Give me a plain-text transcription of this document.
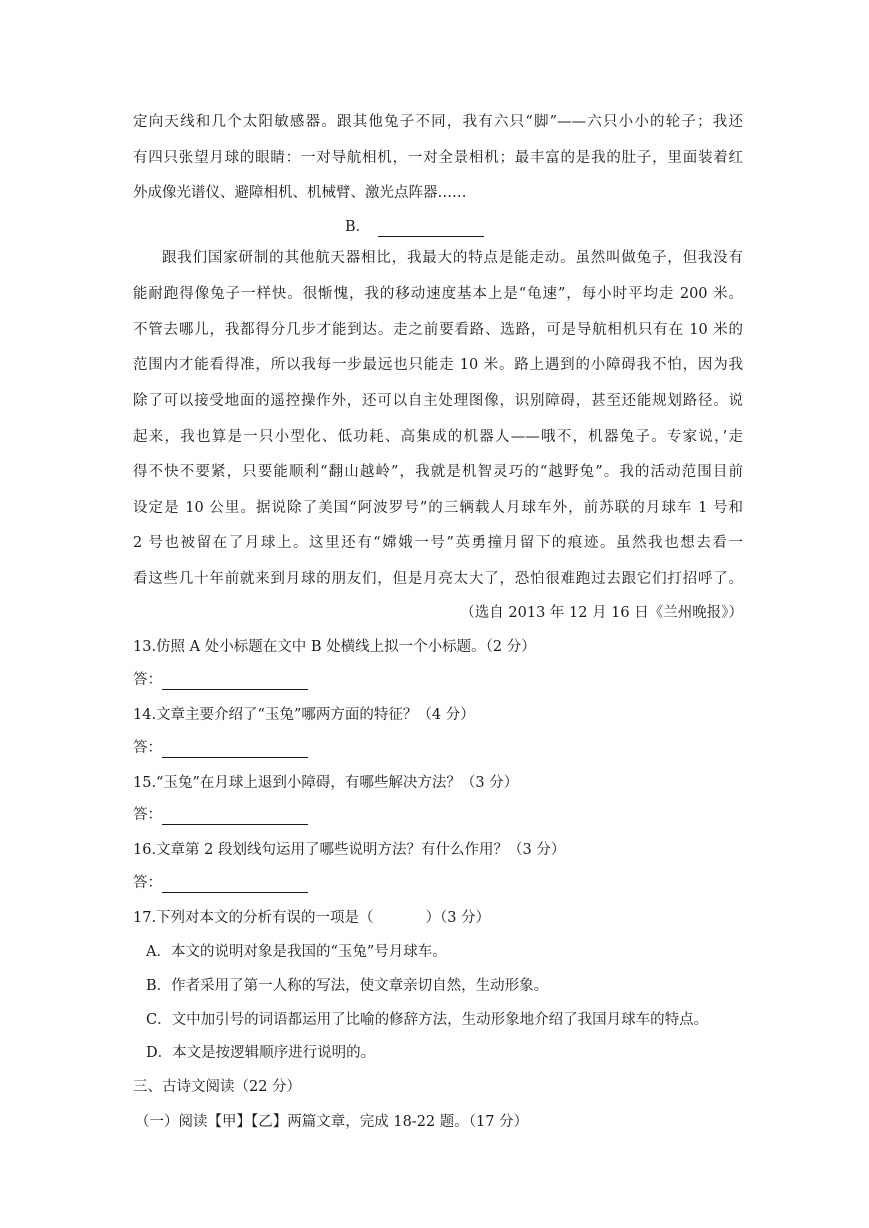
定向天线和几个太阳敏感器。跟其他兔子不同，我有六只“脚”——六只小小的轮子；我还
有四只张望月球的眼睛：一对导航相机，一对全景相机；最丰富的是我的肚子，里面装着红
外成像光谱仪、避障相机、机械臂、激光点阵器……
B．
跟我们国家研制的其他航天器相比，我最大的特点是能走动。虽然叫做兔子，但我没有
能耐跑得像兔子一样快。很惭愧，我的移动速度基本上是“龟速”，每小时平均走 200 米。
不管去哪儿，我都得分几步才能到达。走之前要看路、选路，可是导航相机只有在 10 米的
范围内才能看得准，所以我每一步最远也只能走 10 米。路上遇到的小障碍我不怕，因为我
除了可以接受地面的遥控操作外，还可以自主处理图像，识别障碍，甚至还能规划路径。说
起来，我也算是一只小型化、低功耗、高集成的机器人——哦不，机器兔子。专家说，’走
得不快不要紧，只要能顺利“翻山越岭”，我就是机智灵巧的“越野兔”。我的活动范围目前
设定是 10 公里。据说除了美国“阿波罗号”的三辆载人月球车外，前苏联的月球车 1 号和
2 号也被留在了月球上。这里还有“嫦娥一号”英勇撞月留下的痕迹。虽然我也想去看一
看这些几十年前就来到月球的朋友们，但是月亮太大了，恐怕很难跑过去跟它们打招呼了。
（选自 2013 年 12 月 16 日《兰州晚报》）
13.仿照 A 处小标题在文中 B 处横线上拟一个小标题。（2 分）
答：
14.文章主要介绍了“玉兔”哪两方面的特征？（4 分）
答：
15.“玉兔”在月球上退到小障碍，有哪些解决方法？（3 分）
答：
16.文章第 2 段划线句运用了哪些说明方法？有什么作用？（3 分）
答：
17.下列对本文的分析有误的一项是（	）（3 分）
A．本文的说明对象是我国的“玉兔”号月球车。
B．作者采用了第一人称的写法，使文章亲切自然，生动形象。
C．文中加引号的词语都运用了比喻的修辞方法，生动形象地介绍了我国月球车的特点。
D．本文是按逻辑顺序进行说明的。
三、古诗文阅读（22 分）
（一）阅读【甲】【乙】两篇文章，完成 18-22 题。（17 分）
